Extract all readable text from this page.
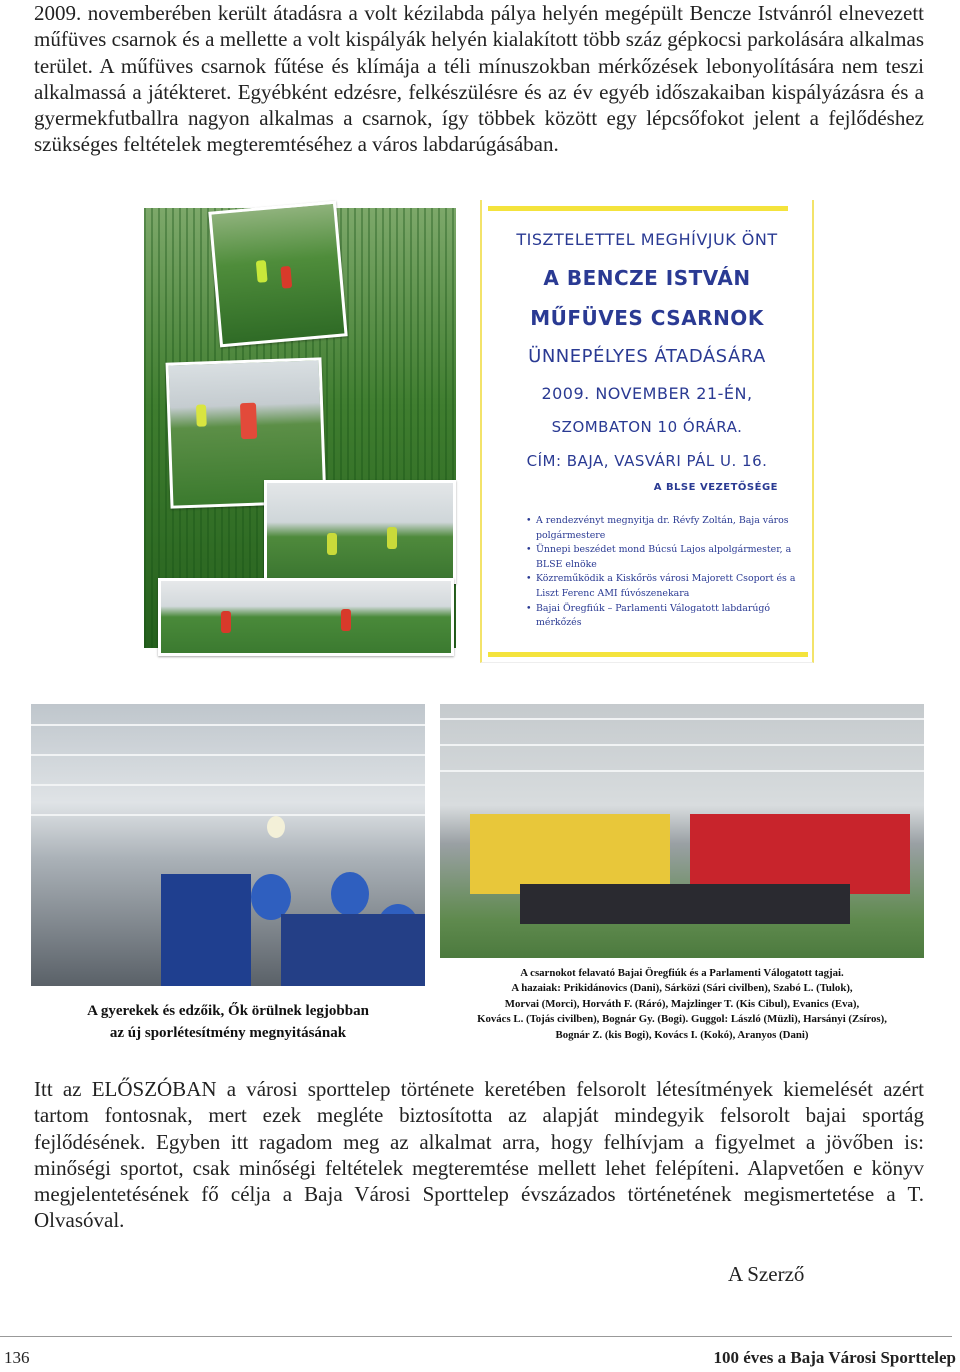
2009. novemberében került átadásra a volt kézilabda pálya helyén megépült Bencze Istvánról elnevezett műfüves csarnok és a mellette a volt kispályák helyén kialakított több száz gépkocsi parkolására alkalmas terület. A műfüves csarnok fűtése és klímája a téli mínuszokban mérkőzések lebonyolítására nem teszi alkalmassá a játékteret. Egyébként edzésre, felkészülésre és az év egyéb időszakaiban kispályázásra és a gyermekfutballra nagyon alkalmas a csarnok, így többek között egy lépcsőfokot jelent a fejlődéshez szükséges feltételek megteremtéséhez a város labdarúgásában.

TISZTELETTEL MEGHÍVJUK ÖNT
A BENCZE ISTVÁN
MŰFÜVES CSARNOK
ÜNNEPÉLYES ÁTADÁSÁRA
2009. NOVEMBER 21-ÉN,
SZOMBATON 10 ÓRÁRA.
CÍM: BAJA, VASVÁRI PÁL U. 16.
A BLSE VEZETŐSÉGE
• A rendezvényt megnyitja dr. Révfy Zoltán, Baja város polgármestere
• Ünnepi beszédet mond Búcsú Lajos alpolgármester, a BLSE elnöke
• Közreműködik a Kiskőrös városi Majorett Csoport és a Liszt Ferenc AMI fúvószenekara
• Bajai Öregfiúk – Parlamenti Válogatott labdarúgó mérkőzés
A gyerekek és edzőik, Ők örülnek legjobban
az új sporlétesítmény megnyitásának
A csarnokot felavató Bajai Öregfiúk és a Parlamenti Válogatott tagjai.
A hazaiak: Prikidánovics (Dani), Sárközi (Sári civilben), Szabó L. (Tulok),
Morvai (Morci), Horváth F. (Ráró), Majzlinger T. (Kis Cibul), Evanics (Eva),
Kovács L. (Tojás civilben), Bognár Gy. (Bogi). Guggol: László (Müzli), Harsányi (Zsíros),
Bognár Z. (kis Bogi), Kovács I. (Kokó), Aranyos (Dani)

Itt az ELŐSZÓBAN a városi sporttelep története keretében felsorolt létesítmények kiemelését azért tartom fontosnak, mert ezek megléte biztosította az alapját mindegyik felsorolt bajai sportág fejlődésének. Egyben itt ragadom meg az alkalmat arra, hogy felhívjam a figyelmet a jövőben is: minőségi sportot, csak minőségi feltételek megteremtése mellett lehet felépíteni. Alapvetően e könyv megjelentetésének fő célja a Baja Városi Sporttelep évszázados történetének megismertetése a T. Olvasóval.

A Szerző
136	100 éves a Baja Városi Sporttelep
